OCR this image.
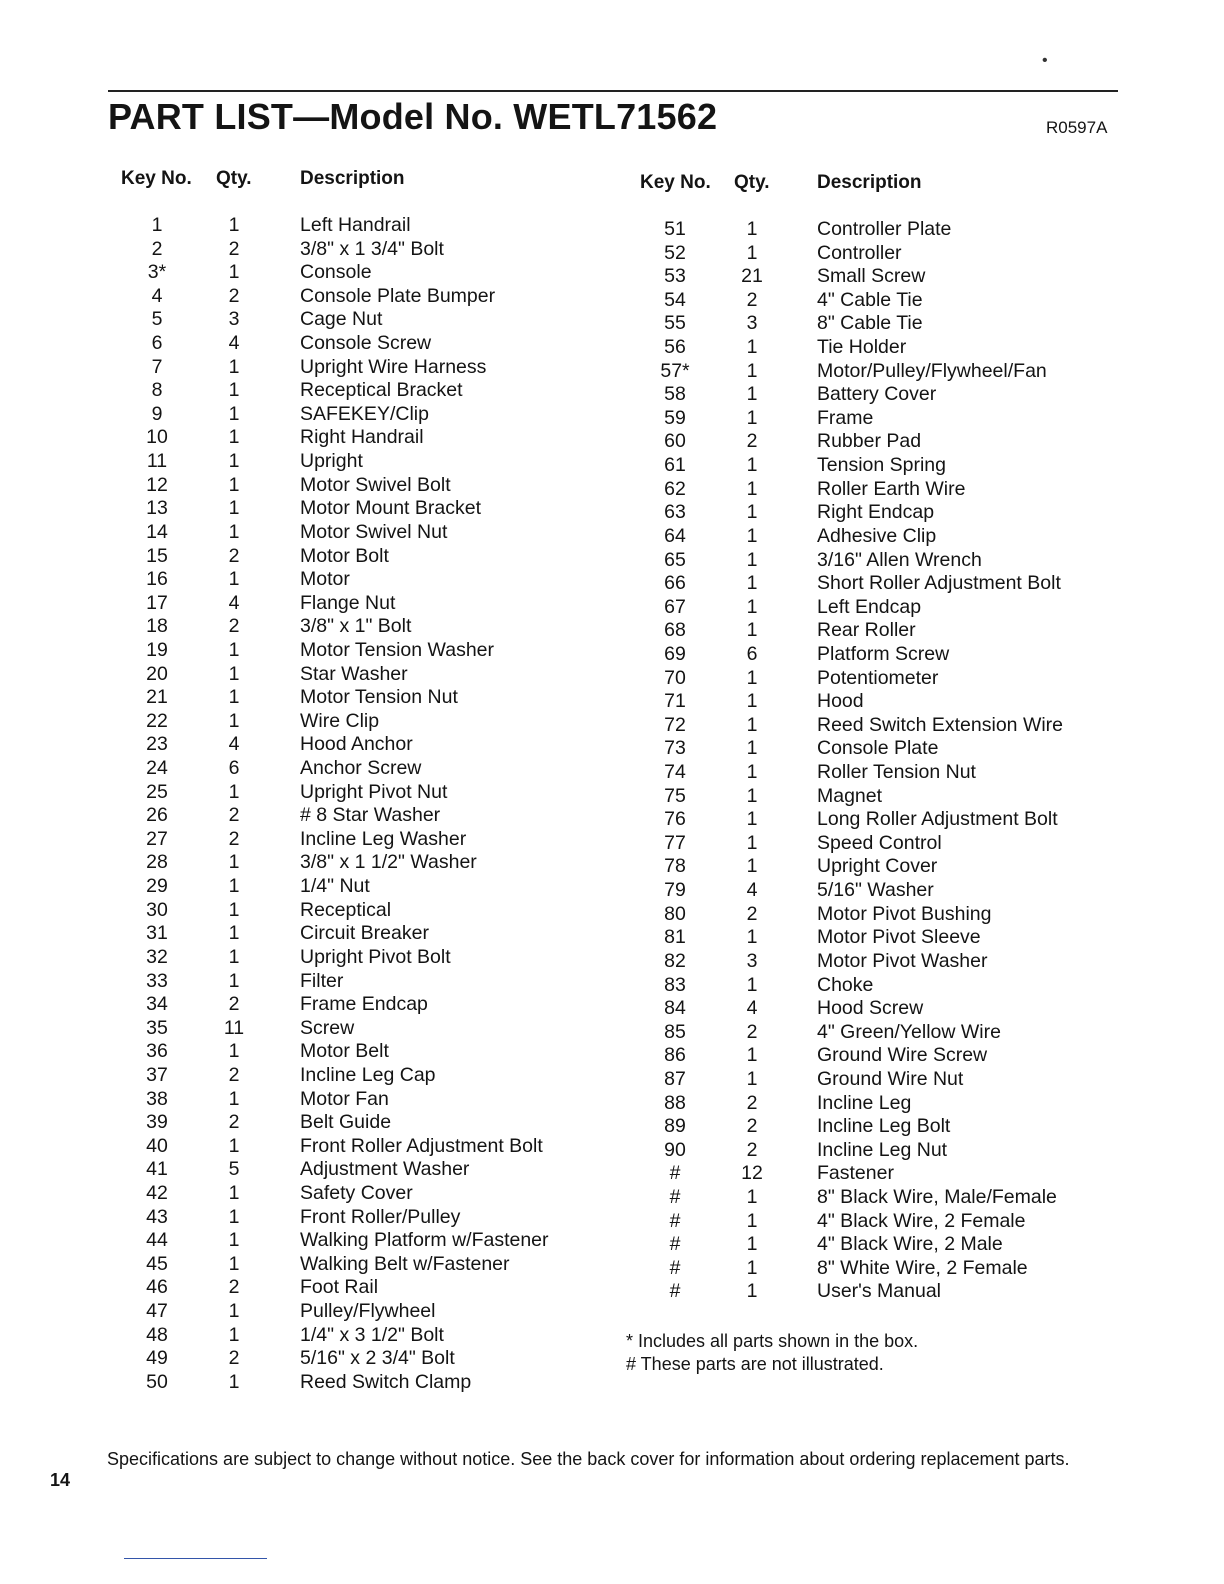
•
PART LIST—Model No. WETL71562	R0597A
Key No. Qty.	Description	Key No. Qty. Description
1	1	Left Handrail
2	2	3/8" x 1 3/4" Bolt
3*	1	Console
4	2	Console Plate Bumper
5	3	Cage Nut
6	4	Console Screw
7	1	Upright Wire Harness
8	1	Receptical Bracket
9	1	SAFEKEY/Clip
10	1	Right Handrail
11	1	Upright
12	1	Motor Swivel Bolt
13	1	Motor Mount Bracket
14	1	Motor Swivel Nut
15	2	Motor Bolt
16	1	Motor
17	4	Flange Nut
18	2	3/8" x 1" Bolt
19	1	Motor Tension Washer
20	1	Star Washer
21	1	Motor Tension Nut
22	1	Wire Clip
23	4	Hood Anchor
24	6	Anchor Screw
25	1	Upright Pivot Nut
26	2	# 8 Star Washer
27	2	Incline Leg Washer
28	1	3/8" x 1 1/2" Washer
29	1	1/4" Nut
30	1	Receptical
31	1	Circuit Breaker
32	1	Upright Pivot Bolt
33	1	Filter
34	2	Frame Endcap
35	11	Screw
36	1	Motor Belt
37	2	Incline Leg Cap
38	1	Motor Fan
39	2	Belt Guide
40	1	Front Roller Adjustment Bolt
41	5	Adjustment Washer
42	1	Safety Cover
43	1	Front Roller/Pulley
44	1	Walking Platform w/Fastener
45	1	Walking Belt w/Fastener
46	2	Foot Rail
47	1	Pulley/Flywheel
48	1	1/4" x 3 1/2" Bolt
49	2	5/16" x 2 3/4" Bolt
50	1	Reed Switch Clamp
51	1	Controller Plate
52	1	Controller
53	21	Small Screw
54	2	4" Cable Tie
55	3	8" Cable Tie
56	1	Tie Holder
57*	1	Motor/Pulley/Flywheel/Fan
58	1	Battery Cover
59	1	Frame
60	2	Rubber Pad
61	1	Tension Spring
62	1	Roller Earth Wire
63	1	Right Endcap
64	1	Adhesive Clip
65	1	3/16" Allen Wrench
66	1	Short Roller Adjustment Bolt
67	1	Left Endcap
68	1	Rear Roller
69	6	Platform Screw
70	1	Potentiometer
71	1	Hood
72	1	Reed Switch Extension Wire
73	1	Console Plate
74	1	Roller Tension Nut
75	1	Magnet
76	1	Long Roller Adjustment Bolt
77	1	Speed Control
78	1	Upright Cover
79	4	5/16" Washer
80	2	Motor Pivot Bushing
81	1	Motor Pivot Sleeve
82	3	Motor Pivot Washer
83	1	Choke
84	4	Hood Screw
85	2	4" Green/Yellow Wire
86	1	Ground Wire Screw
87	1	Ground Wire Nut
88	2	Incline Leg
89	2	Incline Leg Bolt
90	2	Incline Leg Nut
#	12	Fastener
#	1	8" Black Wire, Male/Female
#	1	4" Black Wire, 2 Female
#	1	4" Black Wire, 2 Male
#	1	8" White Wire, 2 Female
#	1	User's Manual
* Includes all parts shown in the box.
# These parts are not illustrated.
Specifications are subject to change without notice. See the back cover for information about ordering replacement parts.
14
